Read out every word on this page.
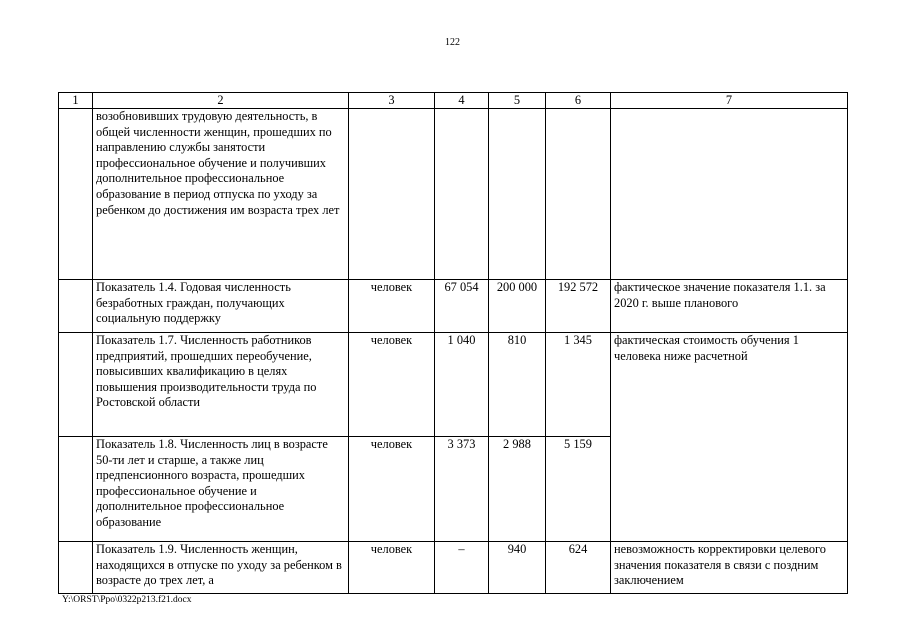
122
1	2	3	4	5	6	7
	возобновивших трудовую деятельность, в общей численности женщин, прошедших по направлению службы занятости профессиональное обучение и получивших дополнительное профессиональное образование в период отпуска по уходу за ребенком до достижения им возраста трех лет					
	Показатель 1.4. Годовая численность безработных граждан, получающих социальную поддержку	человек	67 054	200 000	192 572	фактическое значение показателя 1.1. за 2020 г. выше планового
	Показатель 1.7. Численность работников предприятий, прошедших переобучение, повысивших квалификацию в целях повышения производительности труда по Ростовской области	человек	1 040	810	1 345	фактическая стоимость обучения 1 человека ниже расчетной
	Показатель 1.8. Численность лиц в возрасте 50-ти лет и старше, а также лиц предпенсионного возраста, прошедших профессиональное обучение и дополнительное профессиональное образование	человек	3 373	2 988	5 159	
	Показатель 1.9. Численность женщин, находящихся в отпуске по уходу за ребенком в возрасте до трех лет, а	человек	–	940	624	невозможность корректировки целевого значения показателя в связи с поздним заключением
Y:\ORST\Ppo\0322p213.f21.docx
